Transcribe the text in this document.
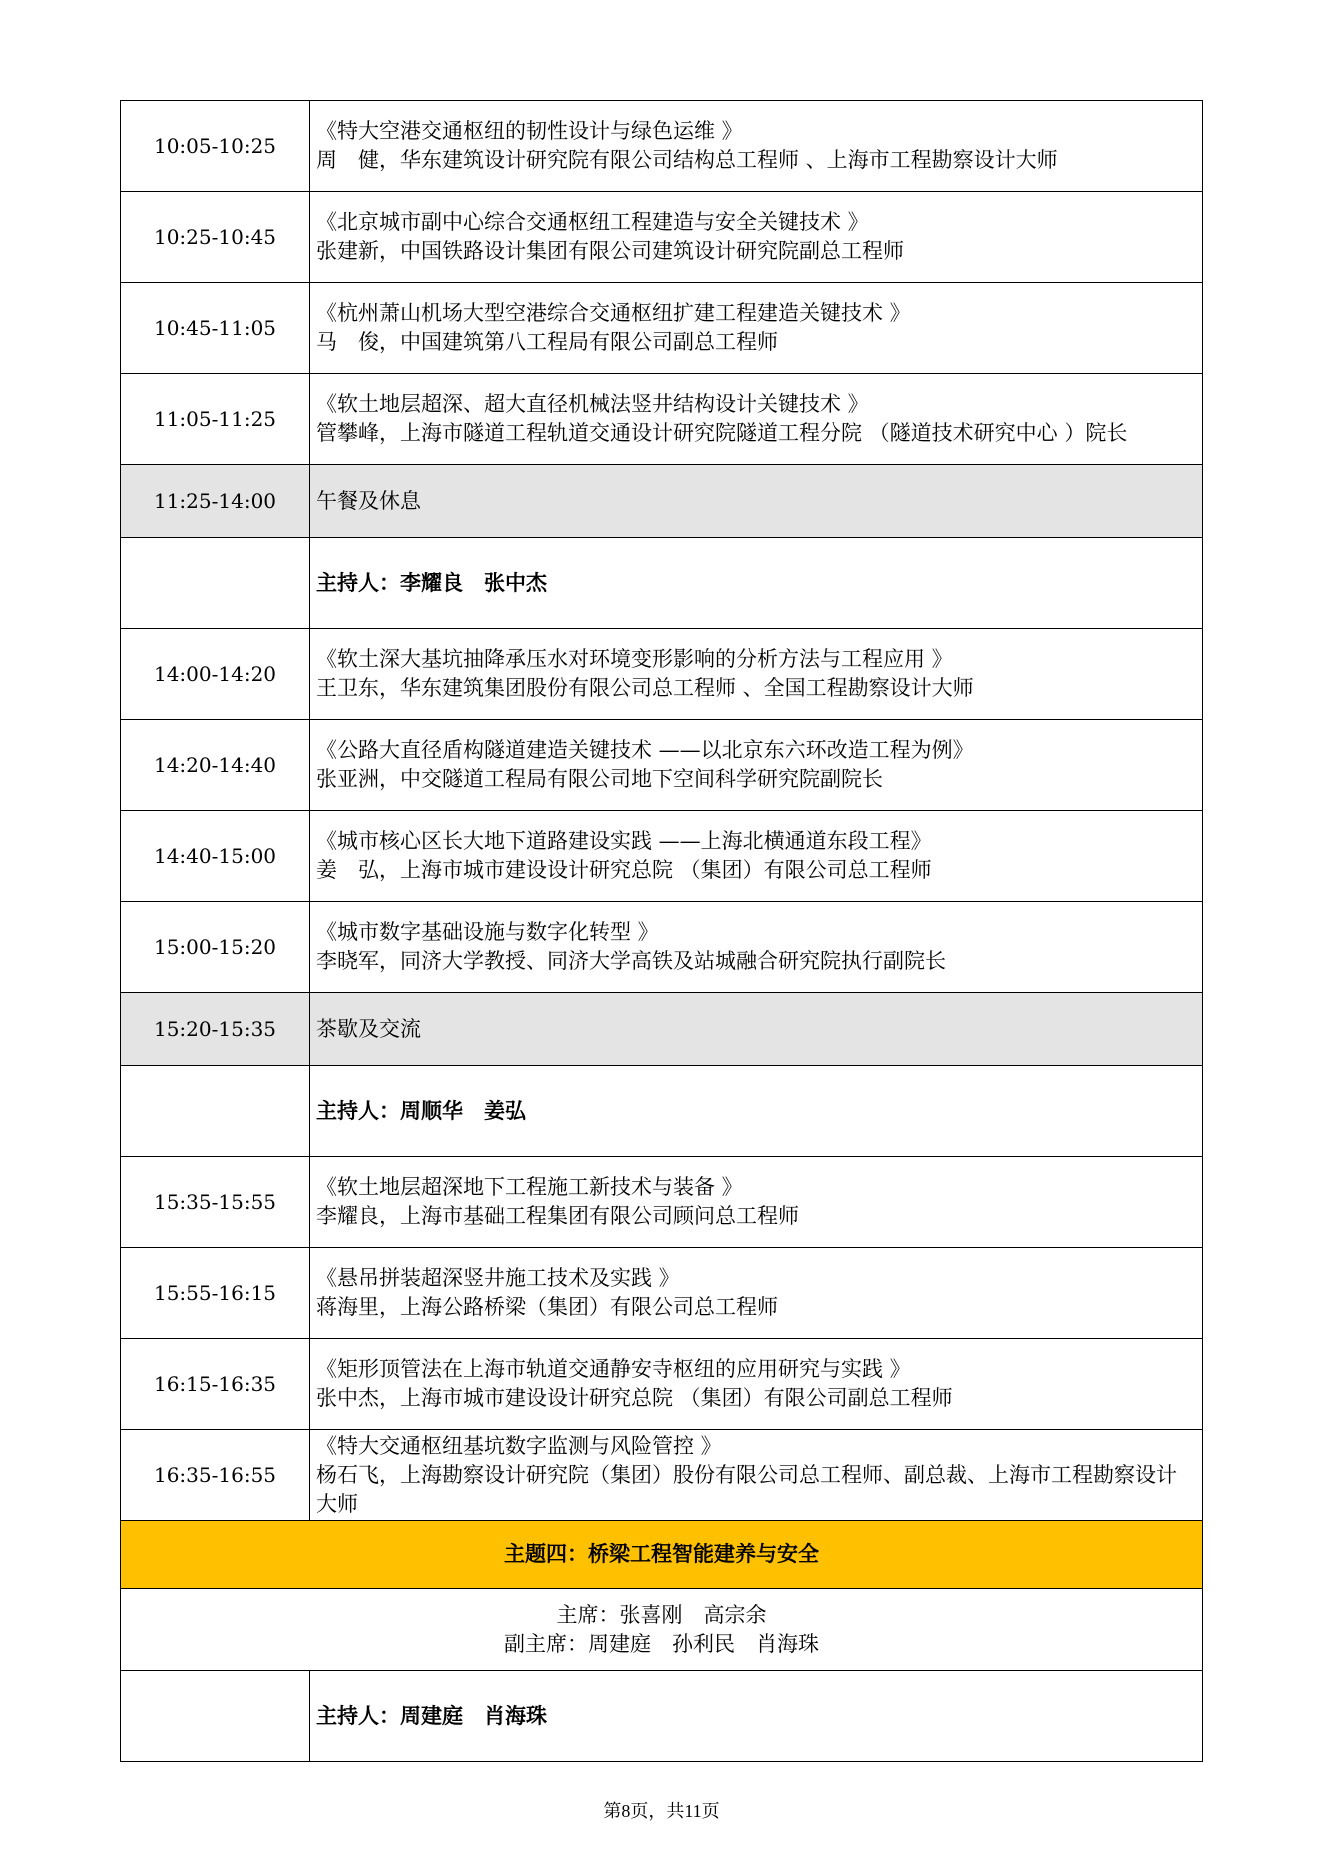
10:05-10:25	《特大空港交通枢纽的韧性设计与绿色运维 》
周　健，华东建筑设计研究院有限公司结构总工程师 、上海市工程勘察设计大师

10:25-10:45	《北京城市副中心综合交通枢纽工程建造与安全关键技术 》
张建新，中国铁路设计集团有限公司建筑设计研究院副总工程师

10:45-11:05	《杭州萧山机场大型空港综合交通枢纽扩建工程建造关键技术 》
马　俊，中国建筑第八工程局有限公司副总工程师

11:05-11:25	《软土地层超深、超大直径机械法竖井结构设计关键技术 》
管攀峰，上海市隧道工程轨道交通设计研究院隧道工程分院 （隧道技术研究中心 ）院长

11:25-14:00	午餐及休息
	主持人：李耀良　张中杰
14:00-14:20	《软土深大基坑抽降承压水对环境变形影响的分析方法与工程应用 》
王卫东，华东建筑集团股份有限公司总工程师 、全国工程勘察设计大师

14:20-14:40	《公路大直径盾构隧道建造关键技术 ——以北京东六环改造工程为例》
张亚洲，中交隧道工程局有限公司地下空间科学研究院副院长

14:40-15:00	《城市核心区长大地下道路建设实践 ——上海北横通道东段工程》
姜　弘，上海市城市建设设计研究总院 （集团）有限公司总工程师

15:00-15:20	《城市数字基础设施与数字化转型 》
李晓军，同济大学教授、同济大学高铁及站城融合研究院执行副院长

15:20-15:35	茶歇及交流
	主持人：周顺华　姜弘
15:35-15:55	《软土地层超深地下工程施工新技术与装备 》
李耀良，上海市基础工程集团有限公司顾问总工程师

15:55-16:15	《悬吊拼装超深竖井施工技术及实践 》
蒋海里，上海公路桥梁（集团）有限公司总工程师

16:15-16:35	《矩形顶管法在上海市轨道交通静安寺枢纽的应用研究与实践 》
张中杰，上海市城市建设设计研究总院 （集团）有限公司副总工程师

16:35-16:55	《特大交通枢纽基坑数字监测与风险管控 》
杨石飞，上海勘察设计研究院（集团）股份有限公司总工程师、副总裁、上海市工程勘察设计大师

主题四：桥梁工程智能建养与安全	

主席：张喜刚　高宗余
副主席：周建庭　孙利民　肖海珠	

	主持人：周建庭　肖海珠
第8页，共11页
